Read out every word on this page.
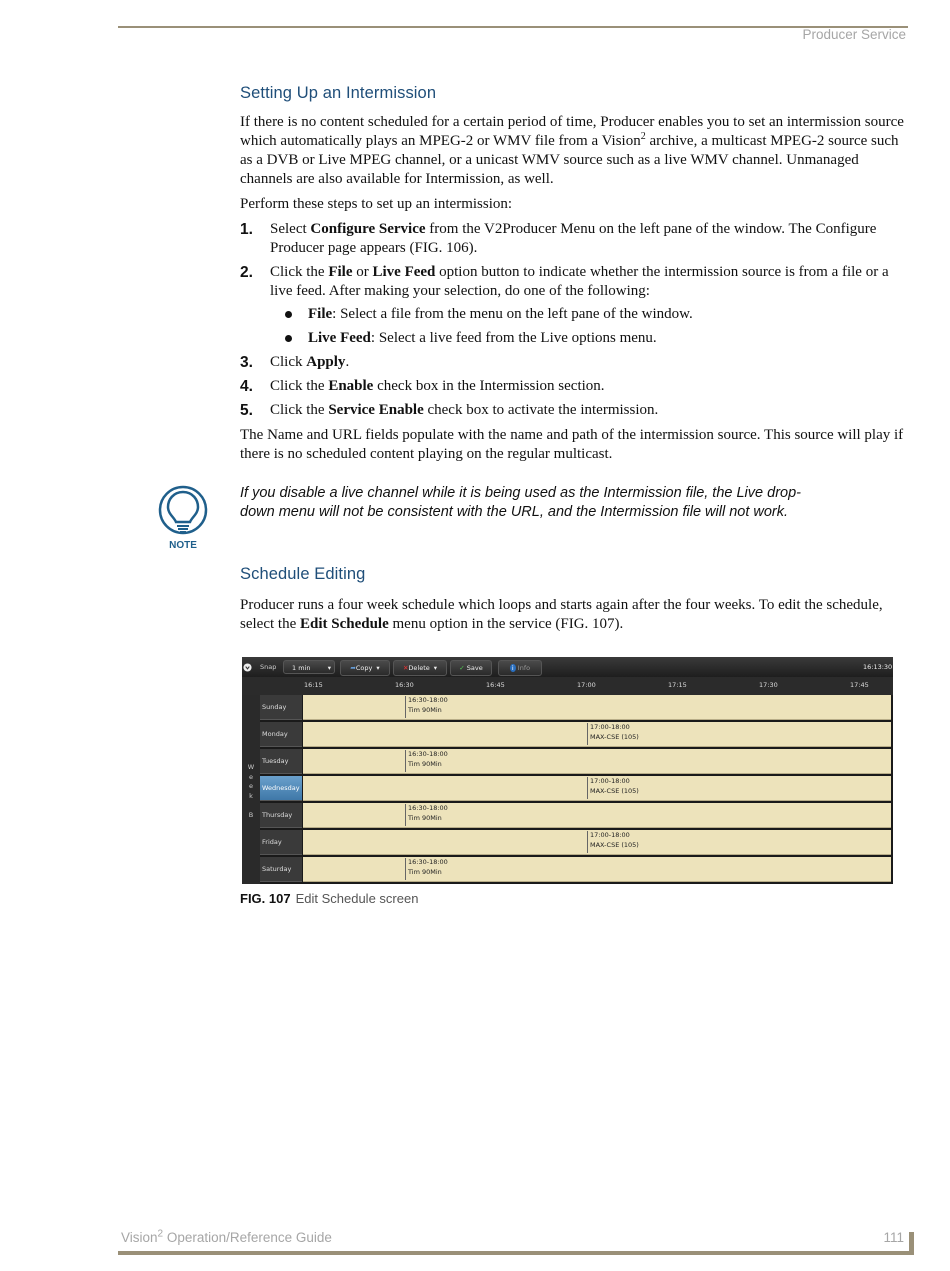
Producer Service
Setting Up an Intermission

If there is no content scheduled for a certain period of time, Producer enables you to set an intermission source which automatically plays an MPEG-2 or WMV file from a Vision$^2$ archive, a multicast MPEG-2 source such as a DVB or Live MPEG channel, or a unicast WMV source such as a live WMV channel. Unmanaged channels are also available for Intermission, as well.

Perform these steps to set up an intermission:

1. Select Configure Service from the V2Producer Menu on the left pane of the window. The Configure Producer page appears (FIG. 106).
2. Click the File or Live Feed option button to indicate whether the intermission source is from a file or a live feed. After making your selection, do one of the following:
File: Select a file from the menu on the left pane of the window.
Live Feed: Select a live feed from the Live options menu.
3. Click Apply.
4. Click the Enable check box in the Intermission section.
5. Click the Service Enable check box to activate the intermission.

The Name and URL fields populate with the name and path of the intermission source. This source will play if there is no scheduled content playing on the regular multicast.

NOTE
If you disable a live channel while it is being used as the Intermission file, the Live drop-down menu will not be consistent with the URL, and the Intermission file will not work.
Schedule Editing

Producer runs a four week schedule which loops and starts again after the four weeks. To edit the schedule, select the Edit Schedule menu option in the service (FIG. 107).

Snap	1 min	▾	➦Copy ▾	✕Delete ▾	✓ Save	i Info	16:13:30
16:15	16:30	16:45	17:00	17:15	17:30	17:45
W
e
e
k
B
Sunday
16:30-18:00
Tim 90Min
Monday
17:00-18:00
MAX-CSE (105)
Tuesday
16:30-18:00
Tim 90Min
Wednesday
17:00-18:00
MAX-CSE (105)
Thursday
16:30-18:00
Tim 90Min
Friday
17:00-18:00
MAX-CSE (105)
Saturday
16:30-18:00
Tim 90Min
FIG. 107 Edit Schedule screen
Vision$^2$ Operation/Reference Guide	111
